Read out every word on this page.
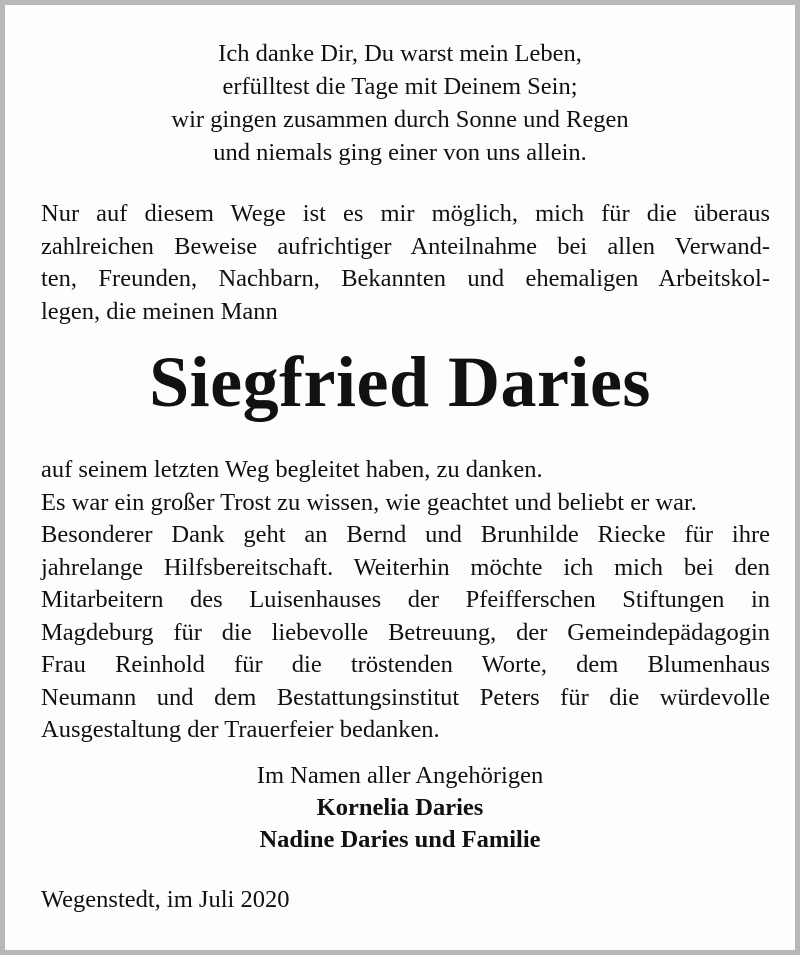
Ich danke Dir, Du warst mein Leben,
erfülltest die Tage mit Deinem Sein;
wir gingen zusammen durch Sonne und Regen
und niemals ging einer von uns allein.
Nur auf diesem Wege ist es mir möglich, mich für die überaus
zahlreichen Beweise aufrichtiger Anteilnahme bei allen Verwand-
ten, Freunden, Nachbarn, Bekannten und ehemaligen Arbeitskol-
legen, die meinen Mann
Siegfried Daries
auf seinem letzten Weg begleitet haben, zu danken.
Es war ein großer Trost zu wissen, wie geachtet und beliebt er war.
Besonderer Dank geht an Bernd und Brunhilde Riecke für ihre
jahrelange Hilfsbereitschaft. Weiterhin möchte ich mich bei den
Mitarbeitern des Luisenhauses der Pfeifferschen Stiftungen in
Magdeburg für die liebevolle Betreuung, der Gemeindepädagogin
Frau Reinhold für die tröstenden Worte, dem Blumenhaus
Neumann und dem Bestattungsinstitut Peters für die würdevolle
Ausgestaltung der Trauerfeier bedanken.
Im Namen aller Angehörigen
Kornelia Daries
Nadine Daries und Familie
Wegenstedt, im Juli 2020
